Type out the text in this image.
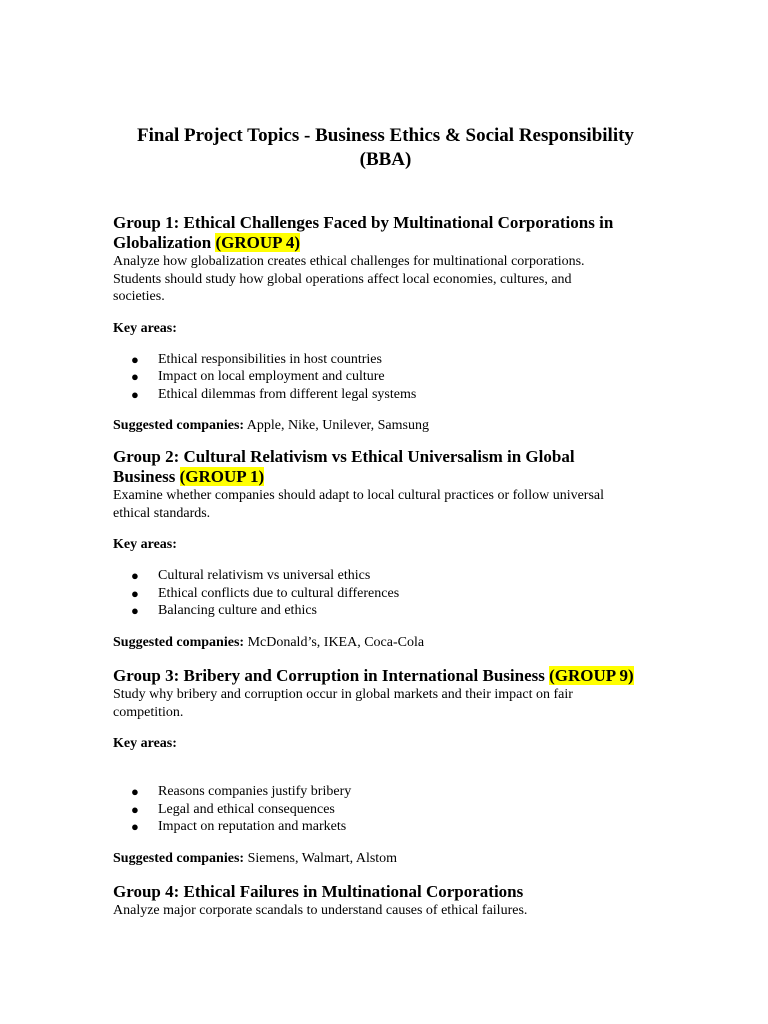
Final Project Topics - Business Ethics & Social Responsibility
(BBA)
Group 1: Ethical Challenges Faced by Multinational Corporations in
Globalization (GROUP 4)
Analyze how globalization creates ethical challenges for multinational corporations.
Students should study how global operations affect local economies, cultures, and
societies.
Key areas:
● Ethical responsibilities in host countries
● Impact on local employment and culture
● Ethical dilemmas from different legal systems
Suggested companies: Apple, Nike, Unilever, Samsung
Group 2: Cultural Relativism vs Ethical Universalism in Global
Business (GROUP 1)
Examine whether companies should adapt to local cultural practices or follow universal
ethical standards.
Key areas:
● Cultural relativism vs universal ethics
● Ethical conflicts due to cultural differences
● Balancing culture and ethics
Suggested companies: McDonald’s, IKEA, Coca-Cola
Group 3: Bribery and Corruption in International Business (GROUP 9)
Study why bribery and corruption occur in global markets and their impact on fair
competition.
Key areas:
● Reasons companies justify bribery
● Legal and ethical consequences
● Impact on reputation and markets
Suggested companies: Siemens, Walmart, Alstom
Group 4: Ethical Failures in Multinational Corporations
Analyze major corporate scandals to understand causes of ethical failures.
